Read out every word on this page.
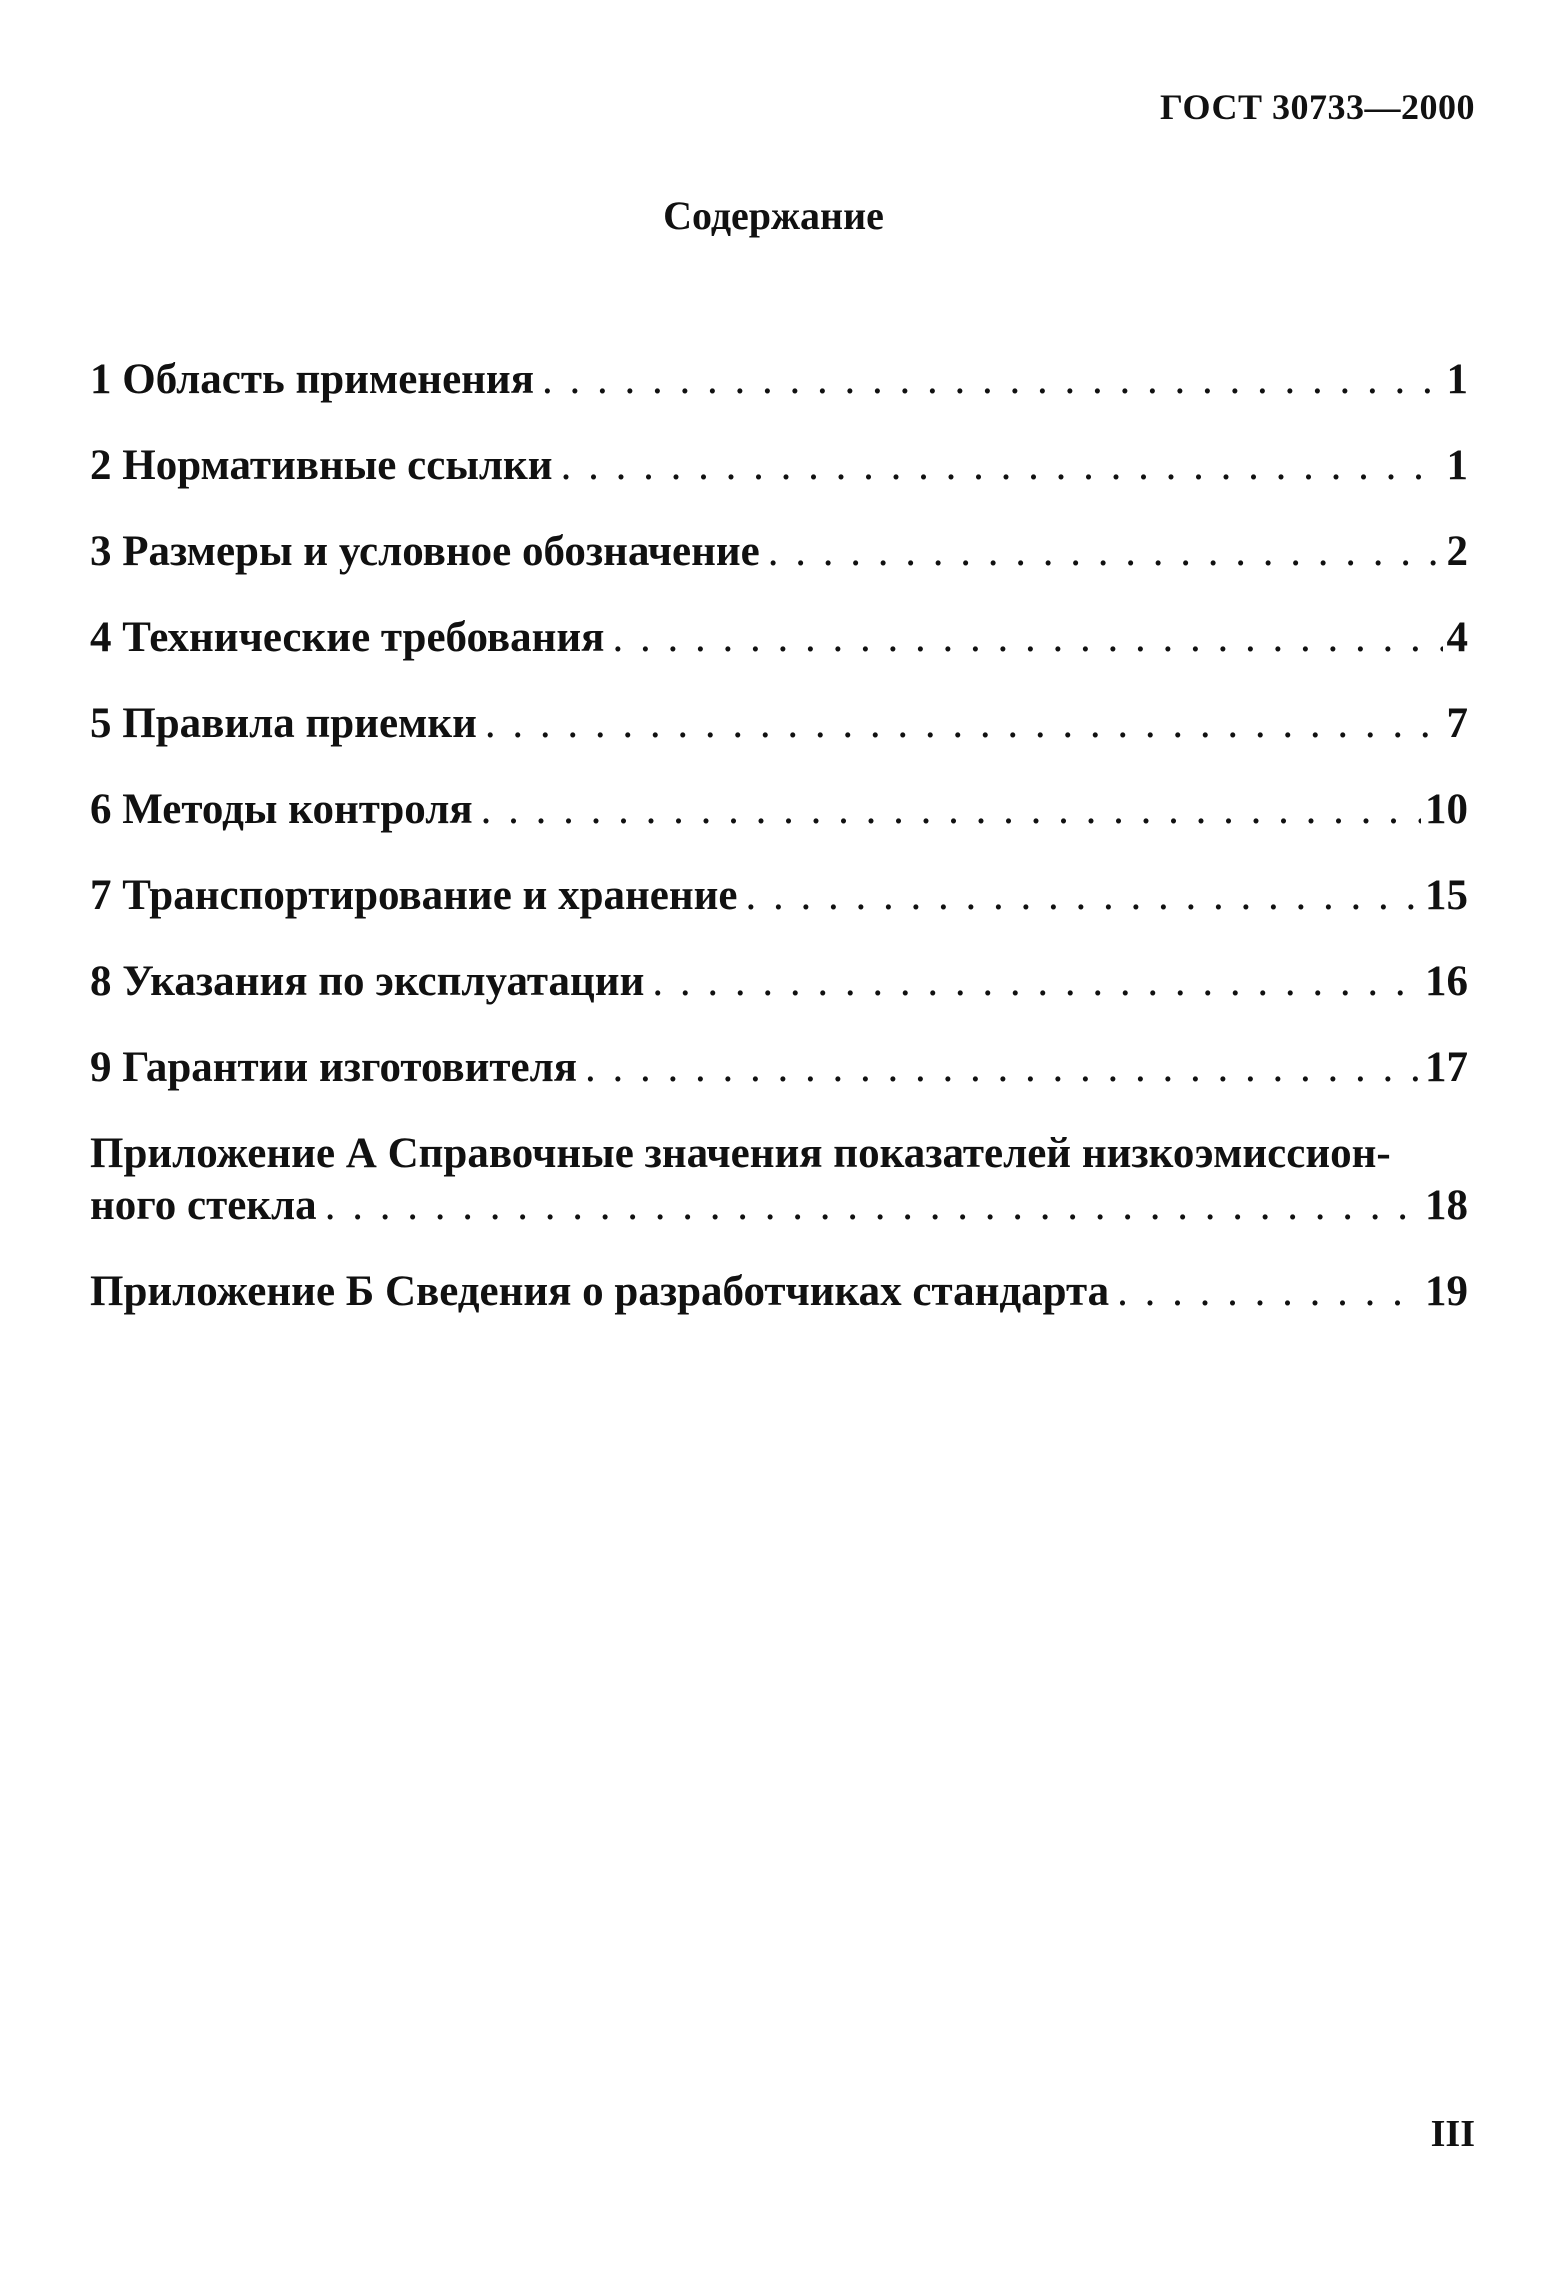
ГОСТ 30733—2000
Содержание
1 Область применения . . .	1
2 Нормативные ссылки . . .	1
3 Размеры и условное обозначение . . .	2
4 Технические требования . . .	4
5 Правила приемки . . .	7
6 Методы контроля . . .	10
7 Транспортирование и хранение . . .	15
8 Указания по эксплуатации . . .	16
9 Гарантии изготовителя . . .	17
Приложение А Справочные значения показателей низкоэмиссион-
ного стекла . . .	18
Приложение Б Сведения о разработчиках стандарта . . .	19
III
